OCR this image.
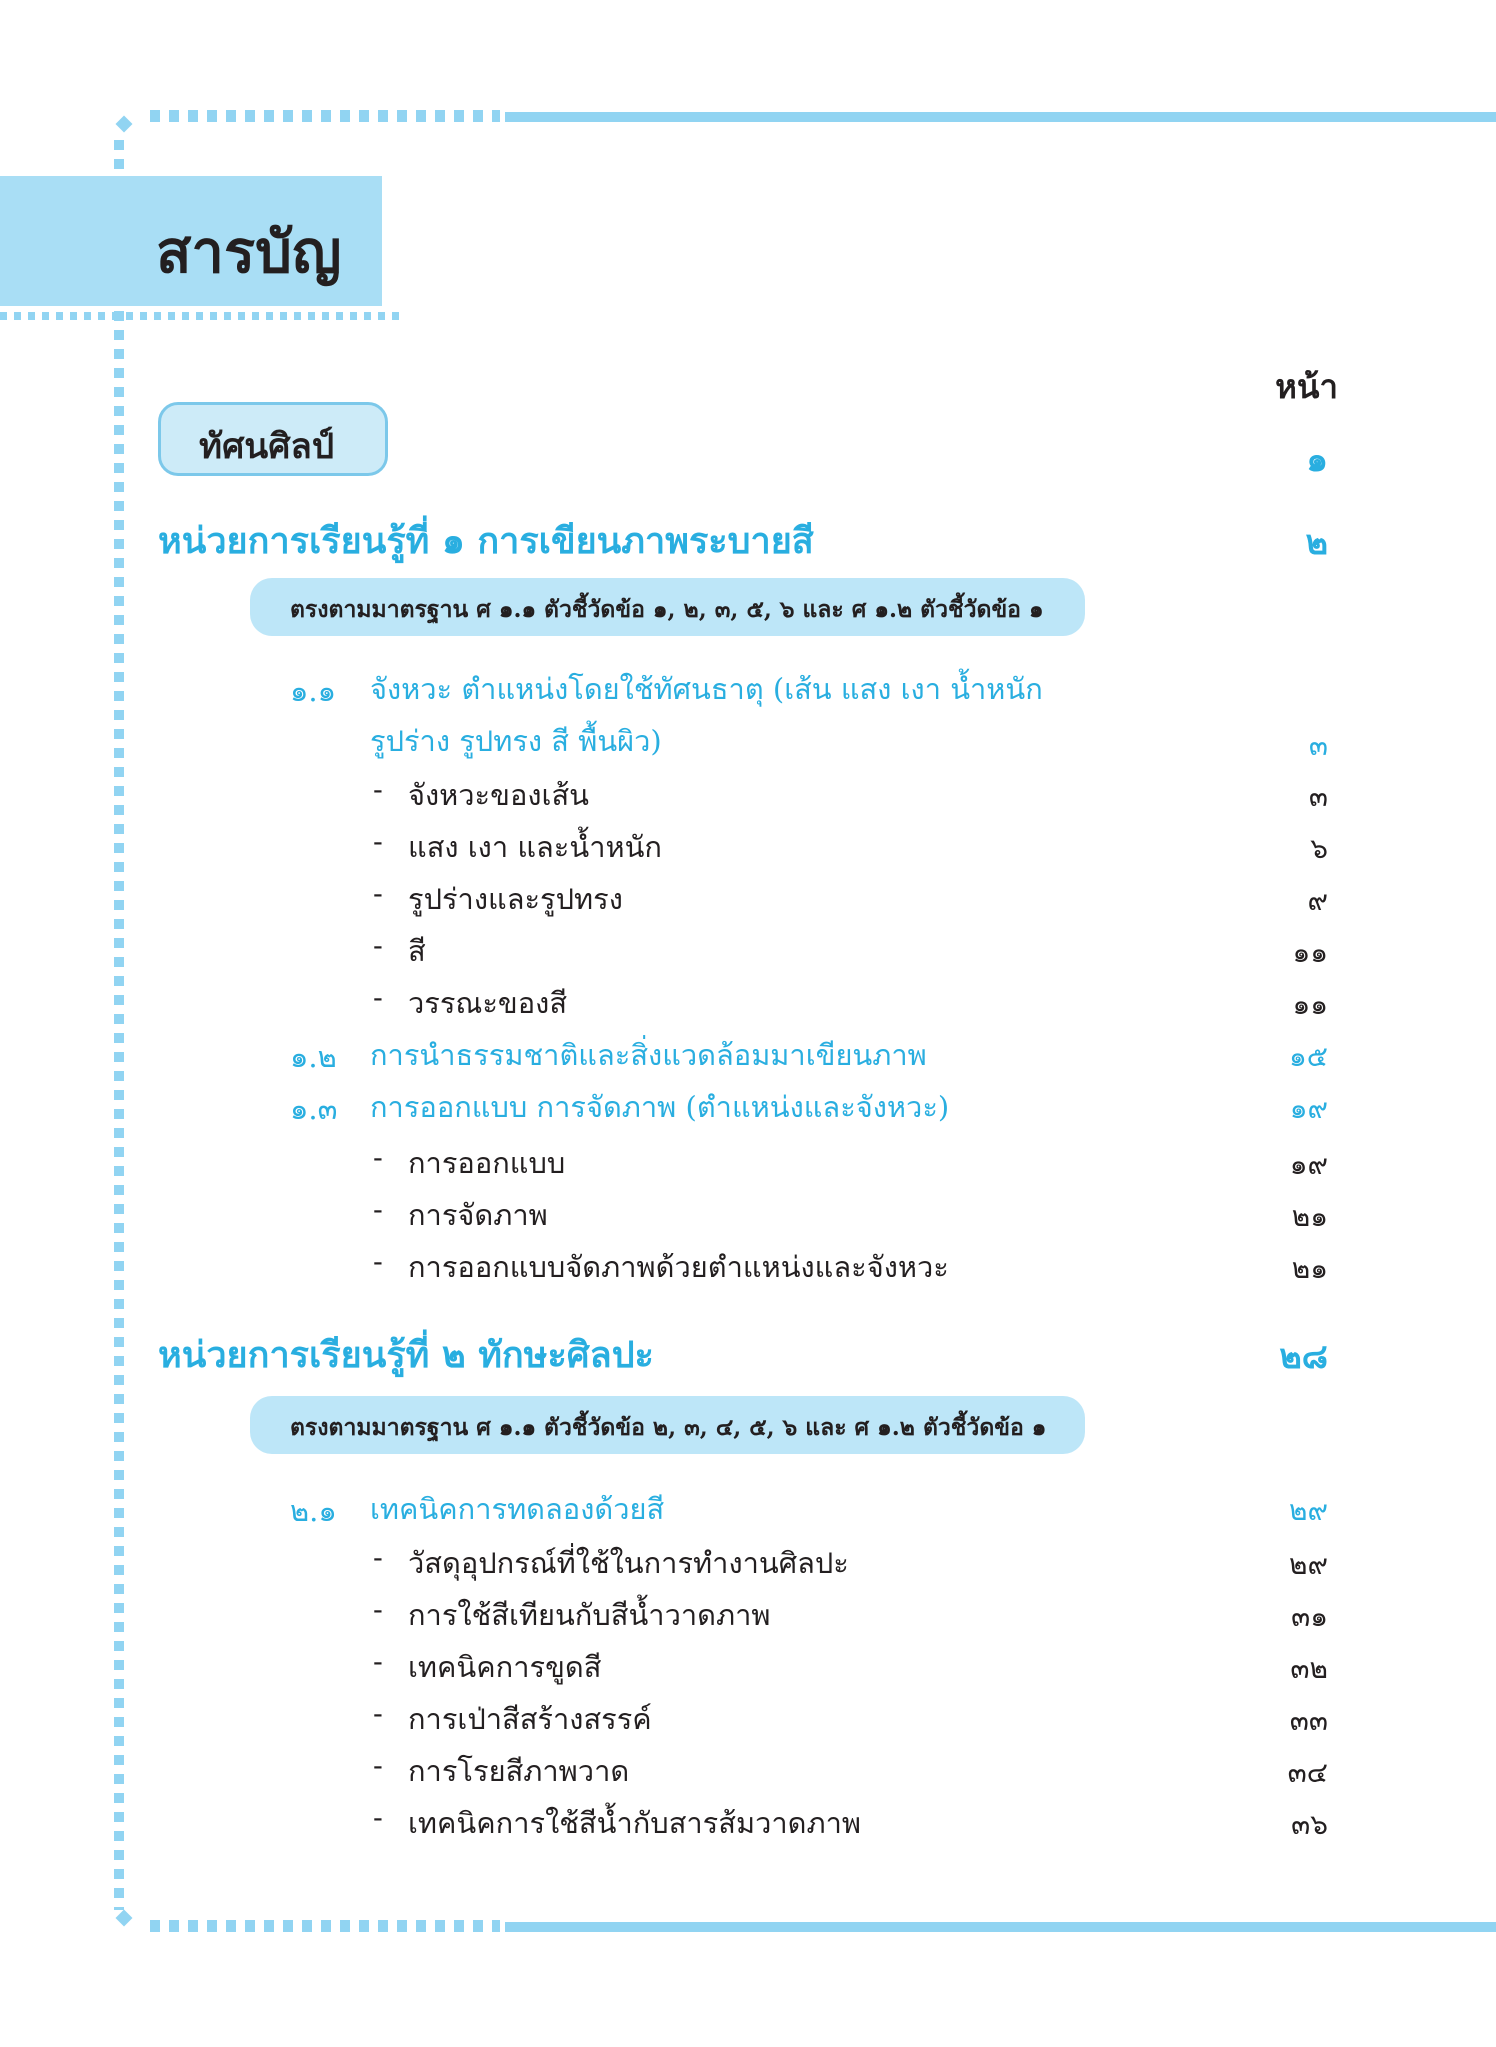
สารบัญ
หน้า
ทัศนศิลป์	๑
หน่วยการเรียนรู้ที่ ๑ การเขียนภาพระบายสี	๒
ตรงตามมาตรฐาน ศ ๑.๑ ตัวชี้วัดข้อ ๑, ๒, ๓, ๕, ๖ และ ศ ๑.๒ ตัวชี้วัดข้อ ๑
๑.๑ จังหวะ ตำแหน่งโดยใช้ทัศนธาตุ (เส้น แสง เงา น้ำหนัก
รูปร่าง รูปทรง สี พื้นผิว)	๓
- จังหวะของเส้น	๓
- แสง เงา และน้ำหนัก	๖
- รูปร่างและรูปทรง	๙
- สี	๑๑
- วรรณะของสี	๑๑
๑.๒ การนำธรรมชาติและสิ่งแวดล้อมมาเขียนภาพ	๑๕
๑.๓ การออกแบบ การจัดภาพ (ตำแหน่งและจังหวะ)	๑๙
- การออกแบบ	๑๙
- การจัดภาพ	๒๑
- การออกแบบจัดภาพด้วยตำแหน่งและจังหวะ	๒๑
หน่วยการเรียนรู้ที่ ๒ ทักษะศิลปะ	๒๘
ตรงตามมาตรฐาน ศ ๑.๑ ตัวชี้วัดข้อ ๒, ๓, ๔, ๕, ๖ และ ศ ๑.๒ ตัวชี้วัดข้อ ๑
๒.๑ เทคนิคการทดลองด้วยสี	๒๙
- วัสดุอุปกรณ์ที่ใช้ในการทำงานศิลปะ	๒๙
- การใช้สีเทียนกับสีน้ำวาดภาพ	๓๑
- เทคนิคการขูดสี	๓๒
- การเป่าสีสร้างสรรค์	๓๓
- การโรยสีภาพวาด	๓๔
- เทคนิคการใช้สีน้ำกับสารส้มวาดภาพ	๓๖
